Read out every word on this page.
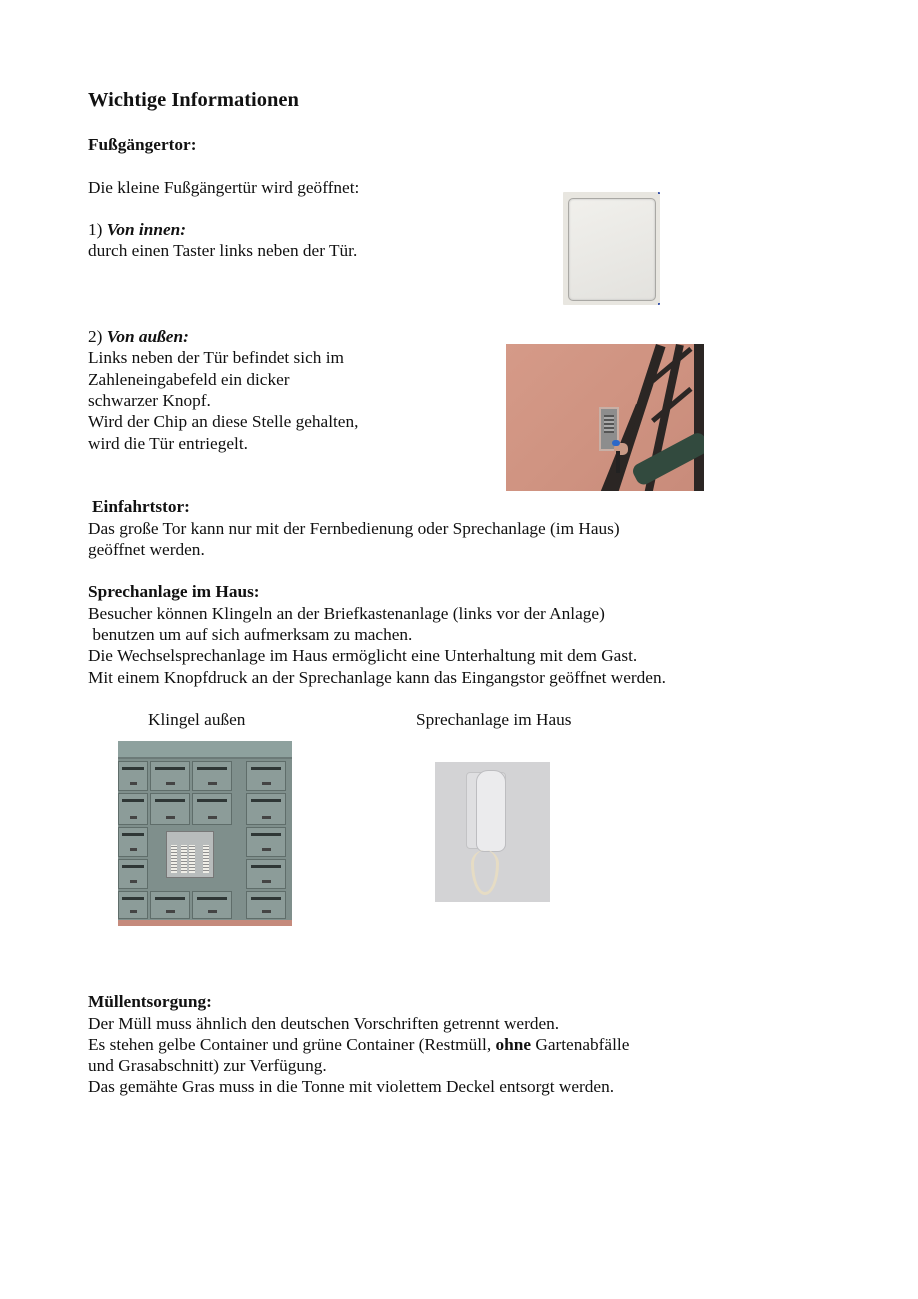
Wichtige Informationen
Fußgängertor:
Die kleine Fußgängertür wird geöffnet:
1) Von innen:
durch einen Taster links neben der Tür.
2) Von außen:
Links neben der Tür befindet sich im
Zahleneingabefeld ein dicker
schwarzer Knopf.
Wird der Chip an diese Stelle gehalten,
wird die Tür entriegelt.
Einfahrtstor:
Das große Tor kann nur mit der Fernbedienung oder Sprechanlage (im Haus)
geöffnet werden.
Sprechanlage im Haus:
Besucher können Klingeln an der Briefkastenanlage (links vor der Anlage)
benutzen um auf sich aufmerksam zu machen.
Die Wechselsprechanlage im Haus ermöglicht eine Unterhaltung mit dem Gast.
Mit einem Knopfdruck an der Sprechanlage kann das Eingangstor geöffnet werden.
Klingel außen	Sprechanlage im Haus
Müllentsorgung:
Der Müll muss ähnlich den deutschen Vorschriften getrennt werden.
Es stehen gelbe Container und grüne Container (Restmüll, ohne Gartenabfälle
und Grasabschnitt) zur Verfügung.
Das gemähte Gras muss in die Tonne mit violettem Deckel entsorgt werden.
